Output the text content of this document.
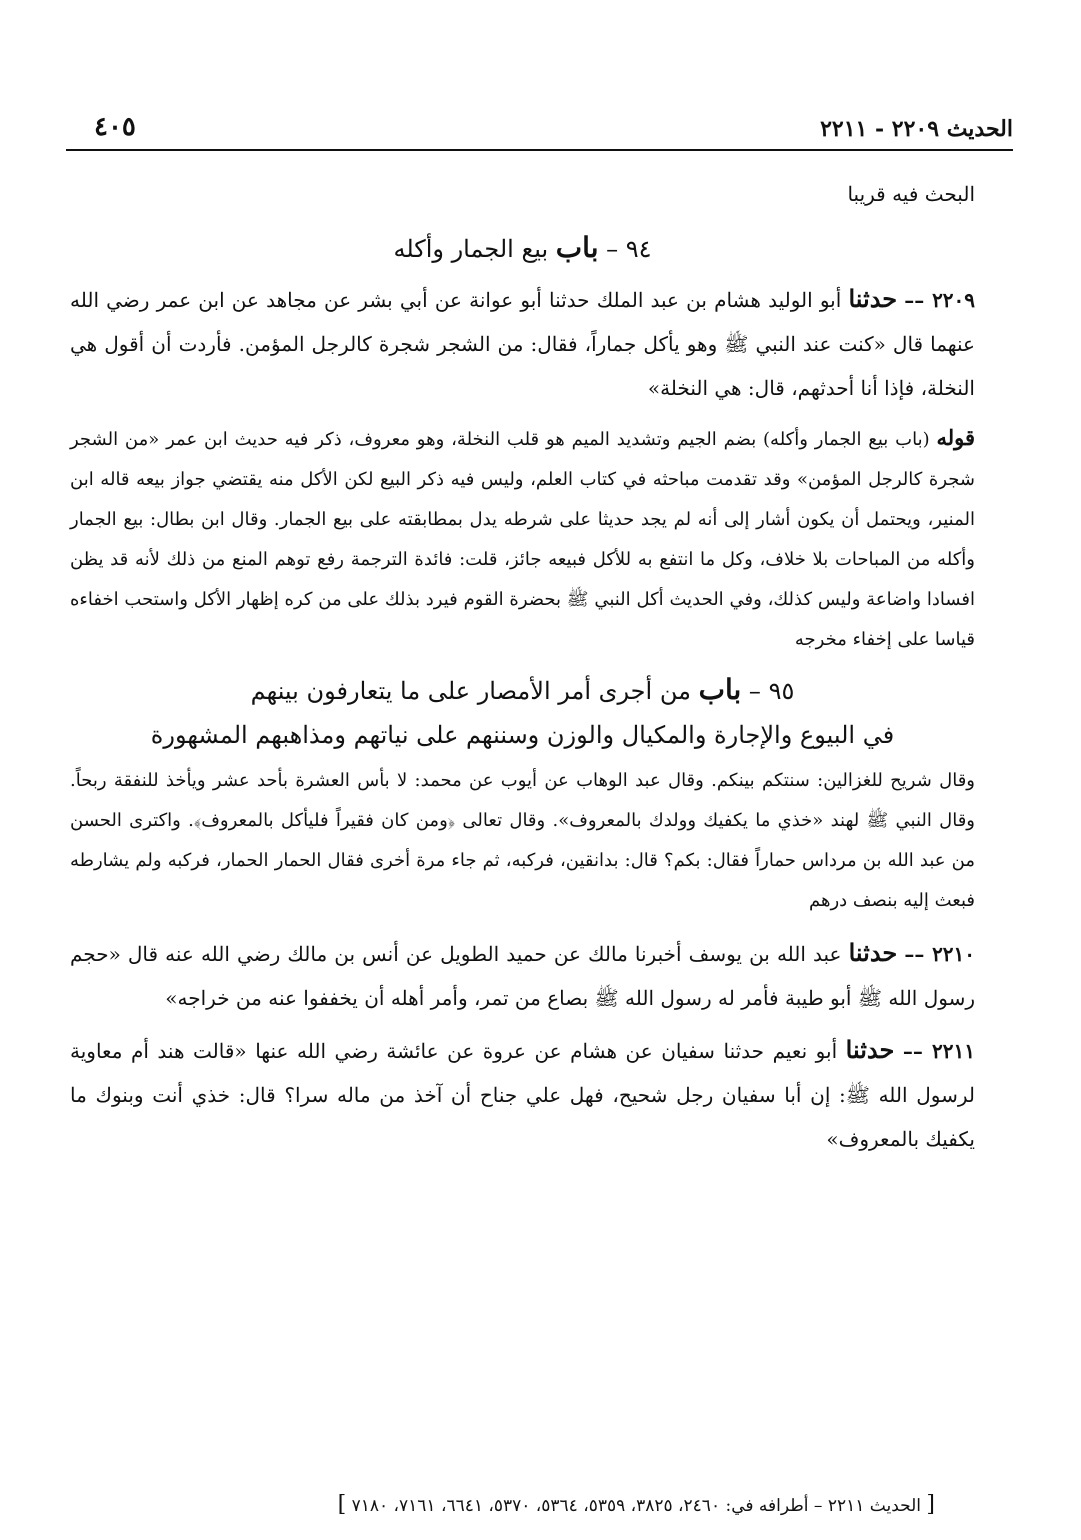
الحديث ٢٢٠٩ - ٢٢١١
٤٠٥

البحث فيه قريبا

٩٤ – باب بيع الجمار وأكله

٢٢٠٩ –– حدثنا أبو الوليد هشام بن عبد الملك حدثنا أبو عوانة عن أبي بشر عن مجاهد عن ابن عمر رضي الله عنهما قال «كنت عند النبي ﷺ وهو يأكل جماراً، فقال: من الشجر شجرة كالرجل المؤمن. فأردت أن أقول هي النخلة، فإذا أنا أحدثهم، قال: هي النخلة»

قوله (باب بيع الجمار وأكله) بضم الجيم وتشديد الميم هو قلب النخلة، وهو معروف، ذكر فيه حديث ابن عمر «من الشجر شجرة كالرجل المؤمن» وقد تقدمت مباحثه في كتاب العلم، وليس فيه ذكر البيع لكن الأكل منه يقتضي جواز بيعه قاله ابن المنير، ويحتمل أن يكون أشار إلى أنه لم يجد حديثا على شرطه يدل بمطابقته على بيع الجمار. وقال ابن بطال: بيع الجمار وأكله من المباحات بلا خلاف، وكل ما انتفع به للأكل فبيعه جائز، قلت: فائدة الترجمة رفع توهم المنع من ذلك لأنه قد يظن افسادا واضاعة وليس كذلك، وفي الحديث أكل النبي ﷺ بحضرة القوم فيرد بذلك على من كره إظهار الأكل واستحب اخفاءه قياسا على إخفاء مخرجه

٩٥ – باب من أجرى أمر الأمصار على ما يتعارفون بينهم
في البيوع والإجارة والمكيال والوزن وسننهم على نياتهم ومذاهبهم المشهورة

وقال شريح للغزالين: سنتكم بينكم. وقال عبد الوهاب عن أيوب عن محمد: لا بأس العشرة بأحد عشر ويأخذ للنفقة ربحاً. وقال النبي ﷺ لهند «خذي ما يكفيك وولدك بالمعروف». وقال تعالى ﴿ومن كان فقيراً فليأكل بالمعروف﴾. واكترى الحسن من عبد الله بن مرداس حماراً فقال: بكم؟ قال: بدانقين، فركبه، ثم جاء مرة أخرى فقال الحمار الحمار، فركبه ولم يشارطه فبعث إليه بنصف درهم

٢٢١٠ –– حدثنا عبد الله بن يوسف أخبرنا مالك عن حميد الطويل عن أنس بن مالك رضي الله عنه قال «حجم رسول الله ﷺ أبو طيبة فأمر له رسول الله ﷺ بصاع من تمر، وأمر أهله أن يخففوا عنه من خراجه»

٢٢١١ –– حدثنا أبو نعيم حدثنا سفيان عن هشام عن عروة عن عائشة رضي الله عنها «قالت هند أم معاوية لرسول الله ﷺ: إن أبا سفيان رجل شحيح، فهل علي جناح أن آخذ من ماله سرا؟ قال: خذي أنت وبنوك ما يكفيك بالمعروف»

[ الحديث ٢٢١١ – أطرافه في: ٢٤٦٠، ٣٨٢٥، ٥٣٥٩، ٥٣٦٤، ٥٣٧٠، ٦٦٤١، ٧١٦١، ٧١٨٠ ]
